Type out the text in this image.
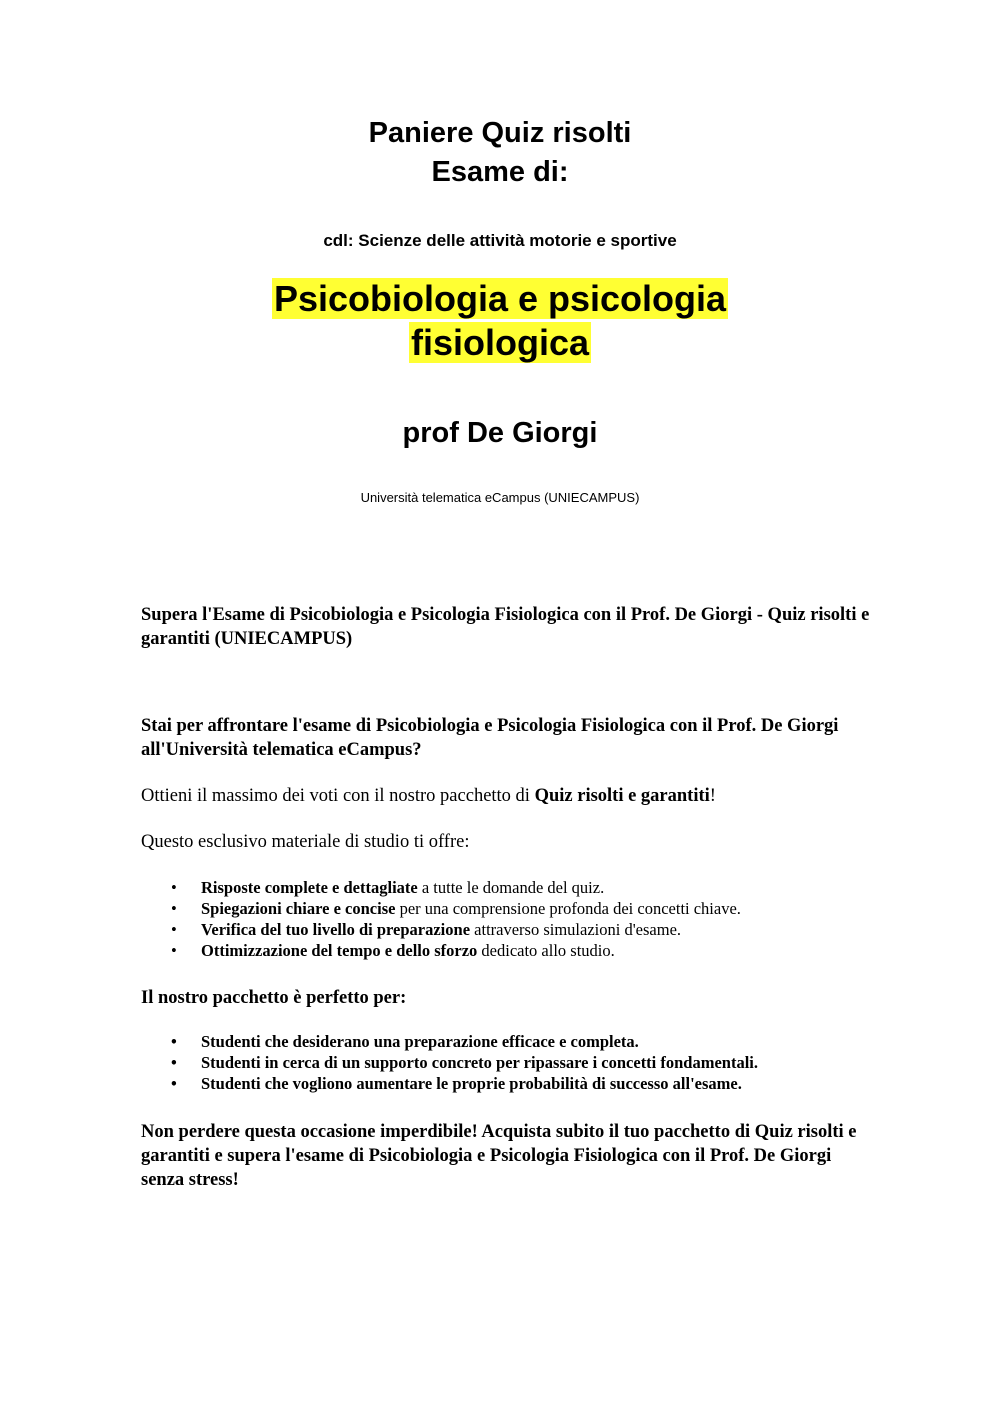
Paniere Quiz risolti
Esame di:
cdl: Scienze delle attività motorie e sportive
Psicobiologia e psicologia
fisiologica
prof De Giorgi
Università telematica eCampus (UNIECAMPUS)
Supera l'Esame di Psicobiologia e Psicologia Fisiologica con il Prof. De Giorgi - Quiz risolti e garantiti (UNIECAMPUS)
Stai per affrontare l'esame di Psicobiologia e Psicologia Fisiologica con il Prof. De Giorgi all'Università telematica eCampus?
Ottieni il massimo dei voti con il nostro pacchetto di Quiz risolti e garantiti!
Questo esclusivo materiale di studio ti offre:
• Risposte complete e dettagliate a tutte le domande del quiz.
• Spiegazioni chiare e concise per una comprensione profonda dei concetti chiave.
• Verifica del tuo livello di preparazione attraverso simulazioni d'esame.
• Ottimizzazione del tempo e dello sforzo dedicato allo studio.
Il nostro pacchetto è perfetto per:
• Studenti che desiderano una preparazione efficace e completa.
• Studenti in cerca di un supporto concreto per ripassare i concetti fondamentali.
• Studenti che vogliono aumentare le proprie probabilità di successo all'esame.
Non perdere questa occasione imperdibile! Acquista subito il tuo pacchetto di Quiz risolti e garantiti e supera l'esame di Psicobiologia e Psicologia Fisiologica con il Prof. De Giorgi senza stress!
